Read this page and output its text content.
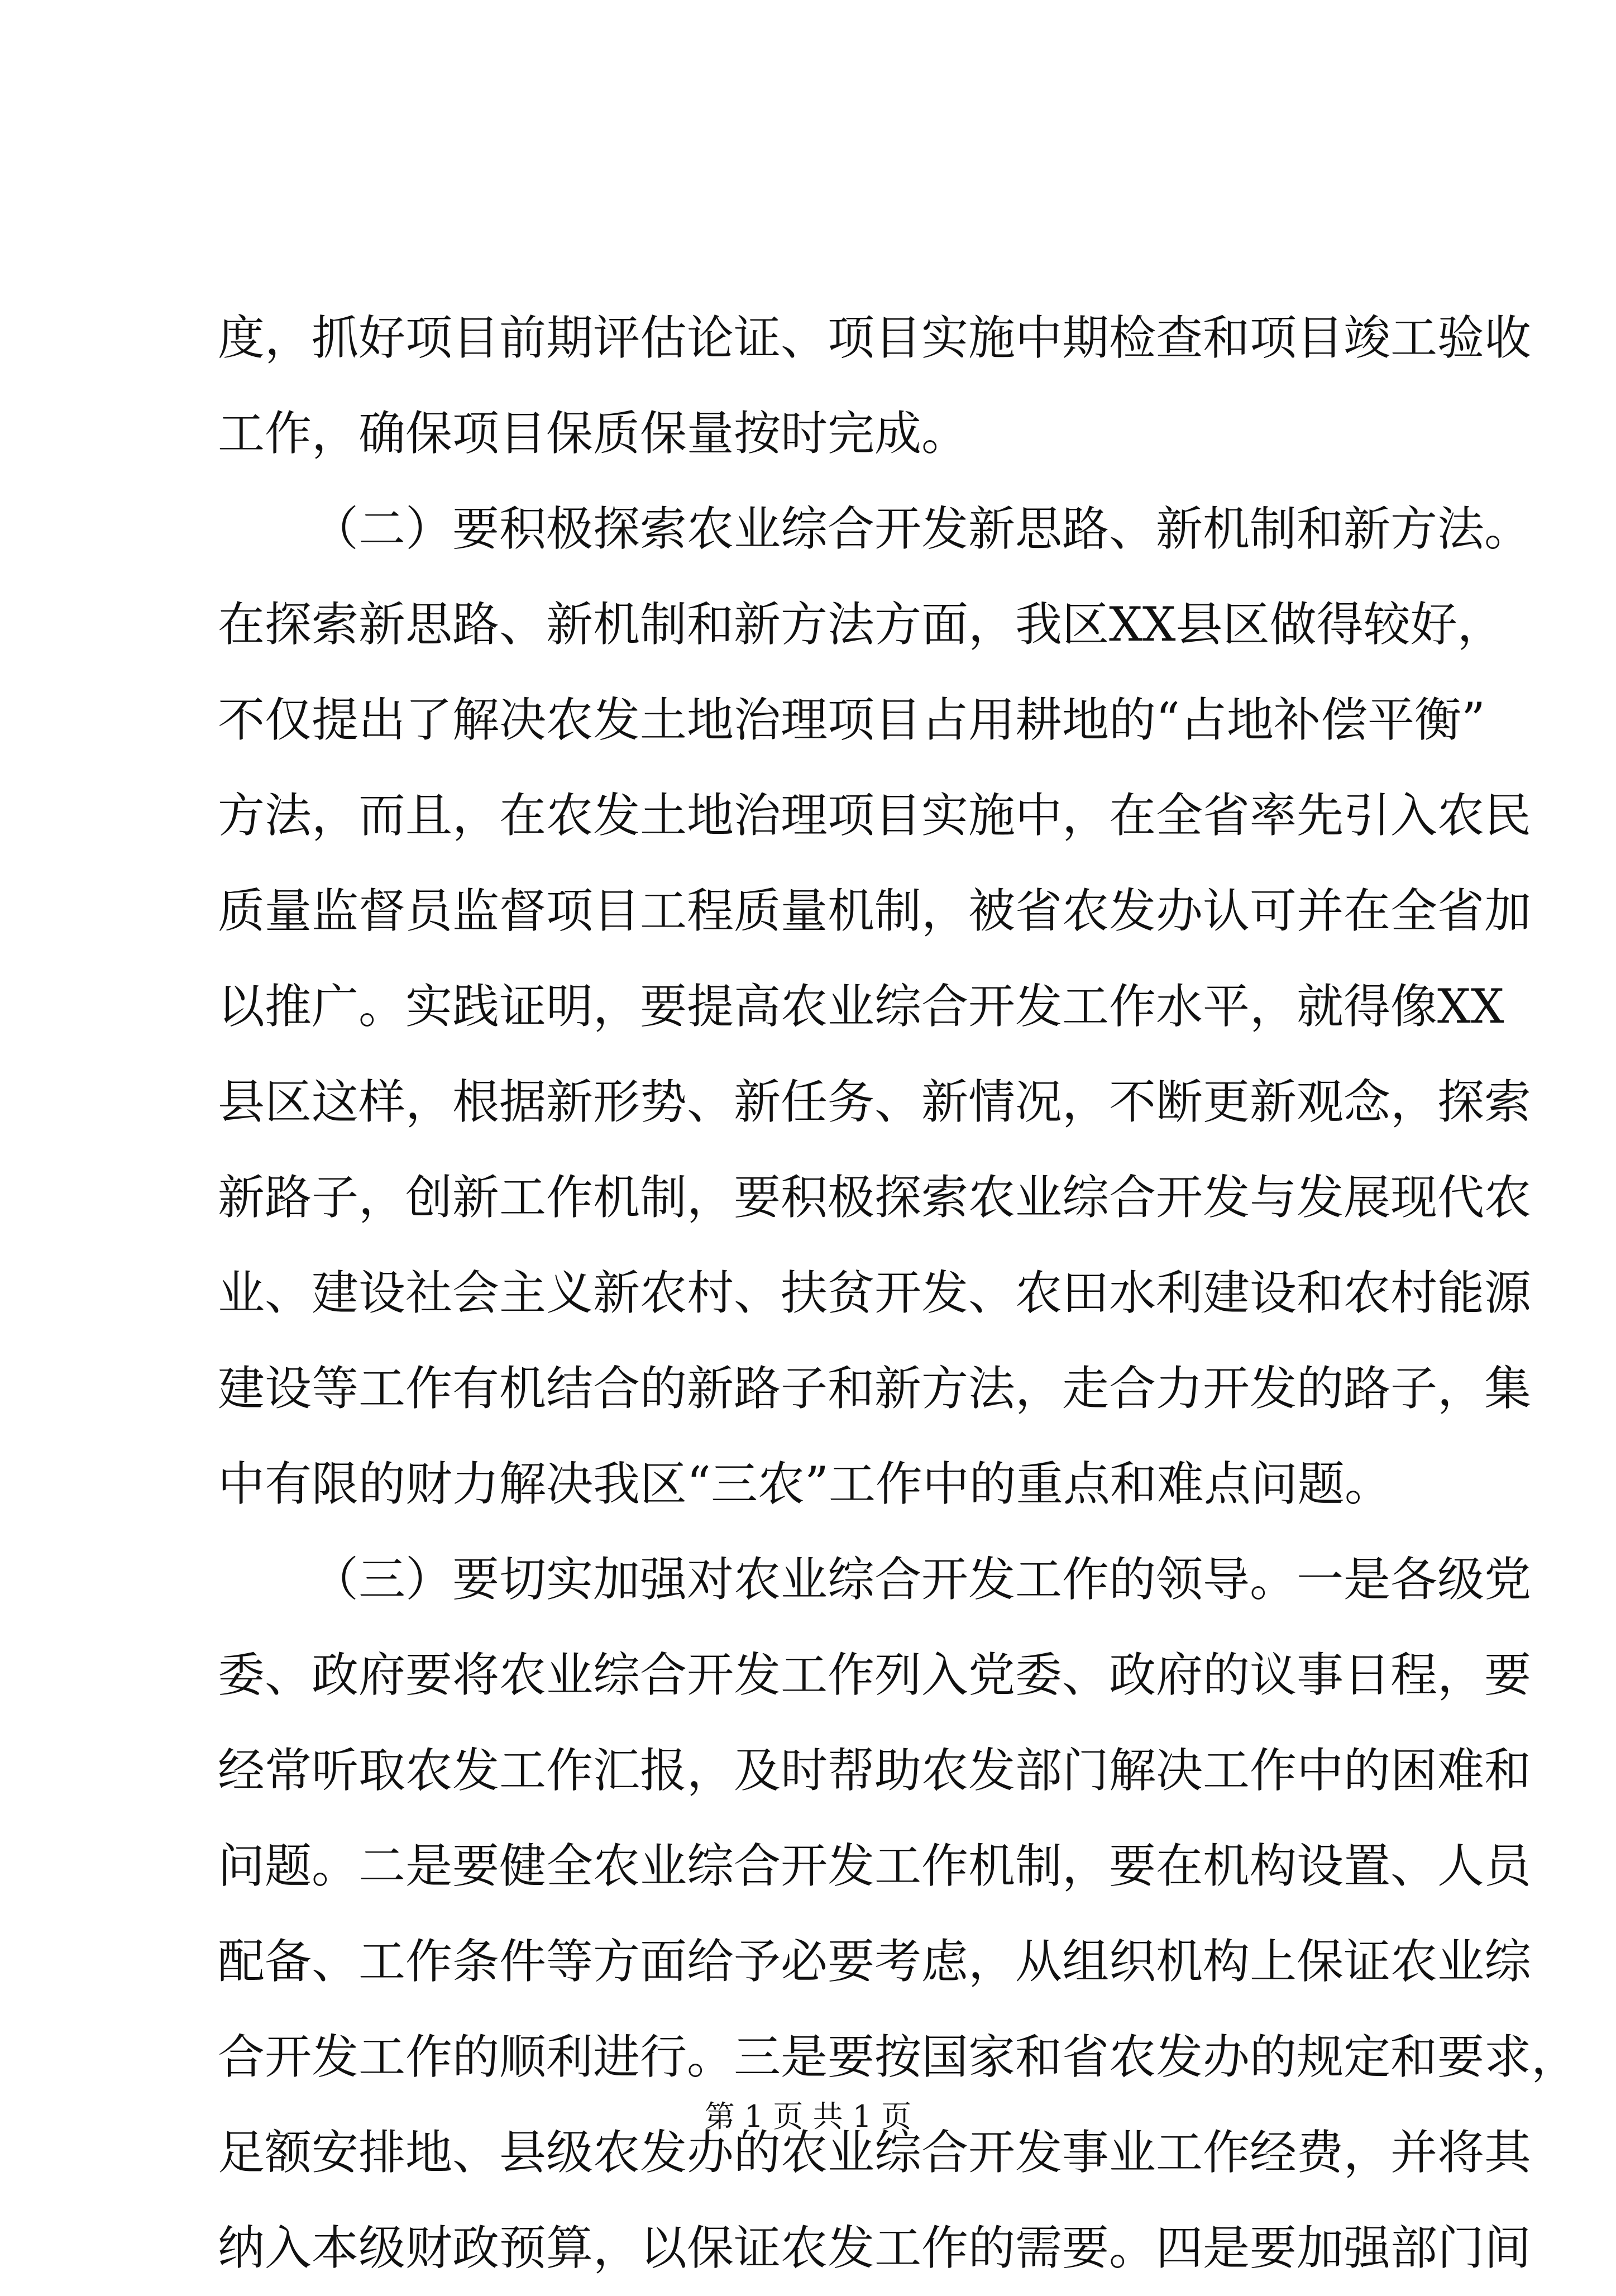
度，抓好项目前期评估论证、项目实施中期检查和项目竣工验收
工作，确保项目保质保量按时完成。
（二）要积极探索农业综合开发新思路、新机制和新方法。
在探索新思路、新机制和新方法方面，我区XX县区做得较好，
不仅提出了解决农发土地治理项目占用耕地的“占地补偿平衡”
方法，而且，在农发土地治理项目实施中，在全省率先引入农民
质量监督员监督项目工程质量机制，被省农发办认可并在全省加
以推广。实践证明，要提高农业综合开发工作水平，就得像XX
县区这样，根据新形势、新任务、新情况，不断更新观念，探索
新路子，创新工作机制，要积极探索农业综合开发与发展现代农
业、建设社会主义新农村、扶贫开发、农田水利建设和农村能源
建设等工作有机结合的新路子和新方法，走合力开发的路子，集
中有限的财力解决我区“三农”工作中的重点和难点问题。
（三）要切实加强对农业综合开发工作的领导。一是各级党
委、政府要将农业综合开发工作列入党委、政府的议事日程，要
经常听取农发工作汇报，及时帮助农发部门解决工作中的困难和
问题。二是要健全农业综合开发工作机制，要在机构设置、人员
配备、工作条件等方面给予必要考虑，从组织机构上保证农业综
合开发工作的顺利进行。三是要按国家和省农发办的规定和要求，
足额安排地、县级农发办的农业综合开发事业工作经费，并将其
纳入本级财政预算，以保证农发工作的需要。四是要加强部门间
第 1 页 共 1 页
